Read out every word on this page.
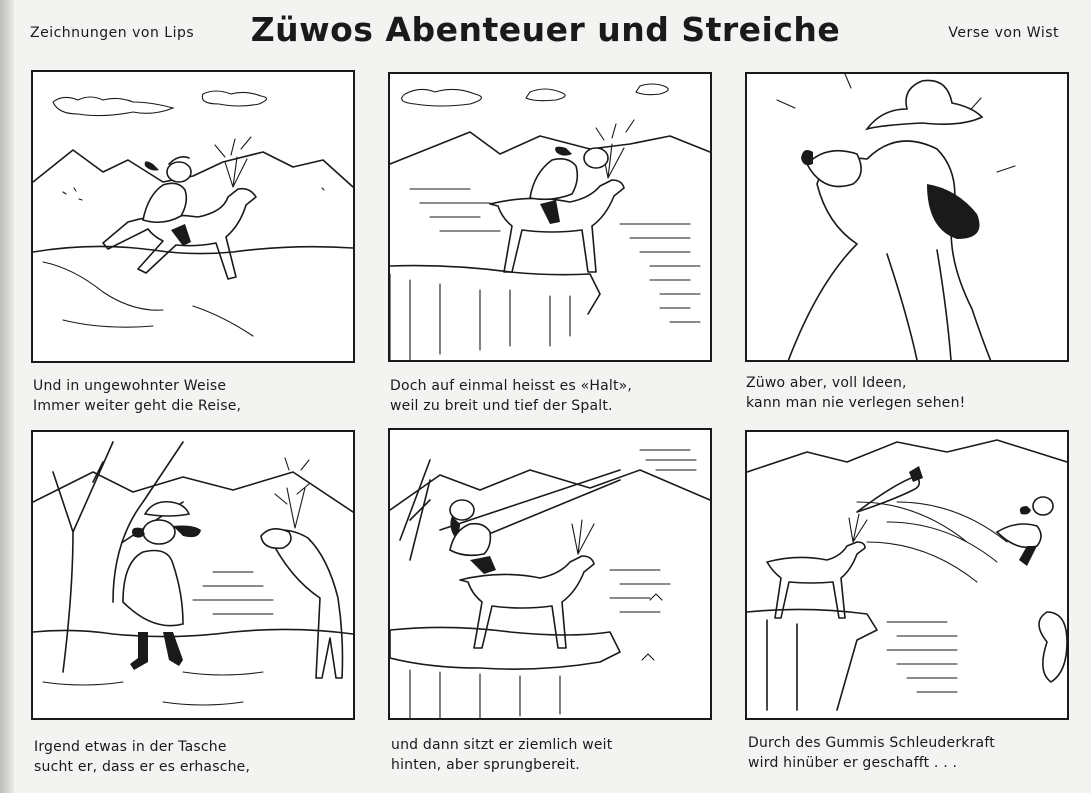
Zeichnungen von Lips	Züwos Abenteuer und Streiche	Verse von Wist
Und in ungewohnter Weise
Immer weiter geht die Reise,
Doch auf einmal heisst es «Halt»,
weil zu breit und tief der Spalt.
Züwo aber, voll Ideen,
kann man nie verlegen sehen!
Irgend etwas in der Tasche
sucht er, dass er es erhasche,
und dann sitzt er ziemlich weit
hinten, aber sprungbereit.
Durch des Gummis Schleuderkraft
wird hinüber er geschafft . . .
